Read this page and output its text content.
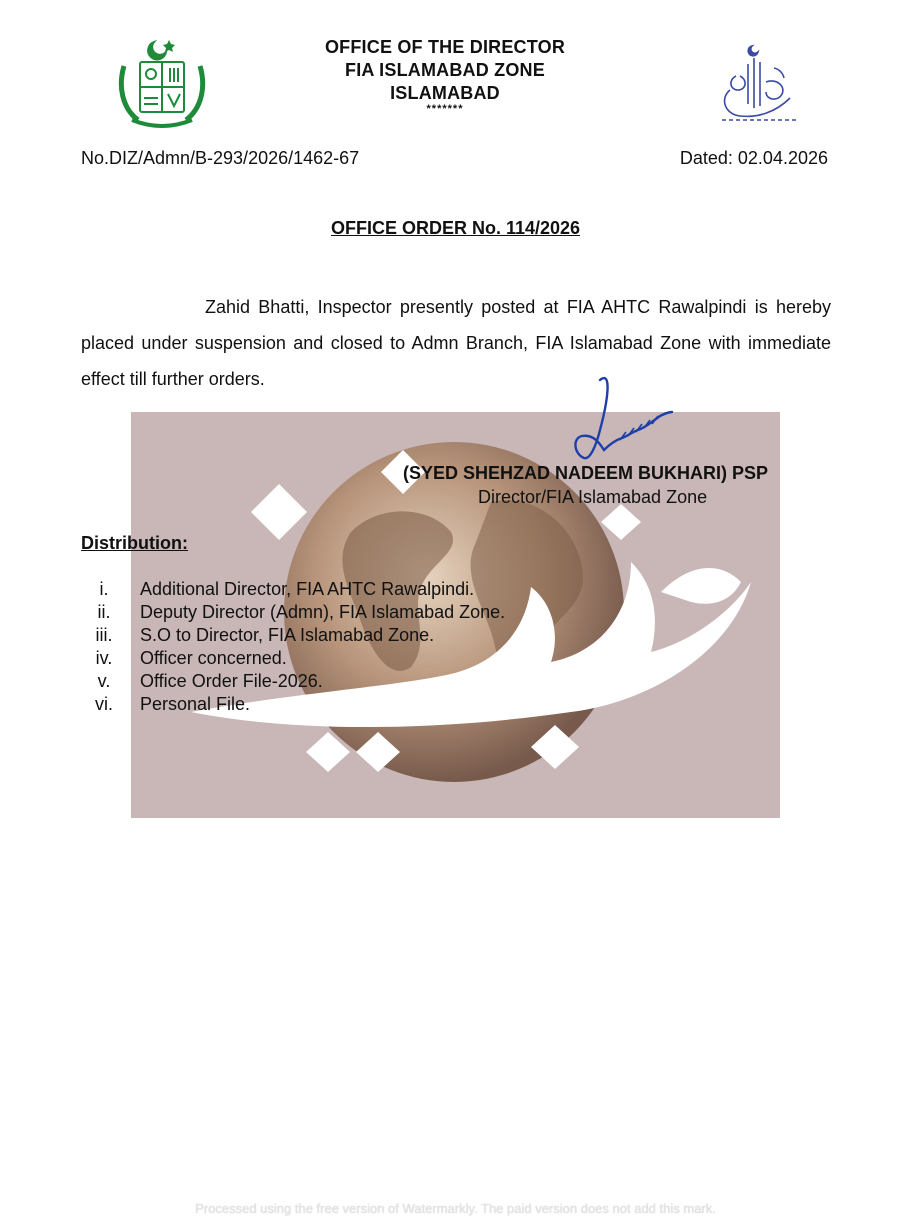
OFFICE OF THE DIRECTOR
FIA ISLAMABAD ZONE
ISLAMABAD
*******
No.DIZ/Admn/B-293/2026/1462-67	Dated: 02.04.2026
OFFICE ORDER No. 114/2026
Zahid Bhatti, Inspector presently posted at FIA AHTC Rawalpindi is hereby placed under suspension and closed to Admn Branch, FIA Islamabad Zone with immediate effect till further orders.
(SYED SHEHZAD NADEEM BUKHARI) PSP
Director/FIA Islamabad Zone
Distribution:
i.	Additional Director, FIA AHTC Rawalpindi.
ii.	Deputy Director (Admn), FIA Islamabad Zone.
iii.	S.O to Director, FIA Islamabad Zone.
iv.	Officer concerned.
v.	Office Order File-2026.
vi.	Personal File.
Processed using the free version of Watermarkly. The paid version does not add this mark.
